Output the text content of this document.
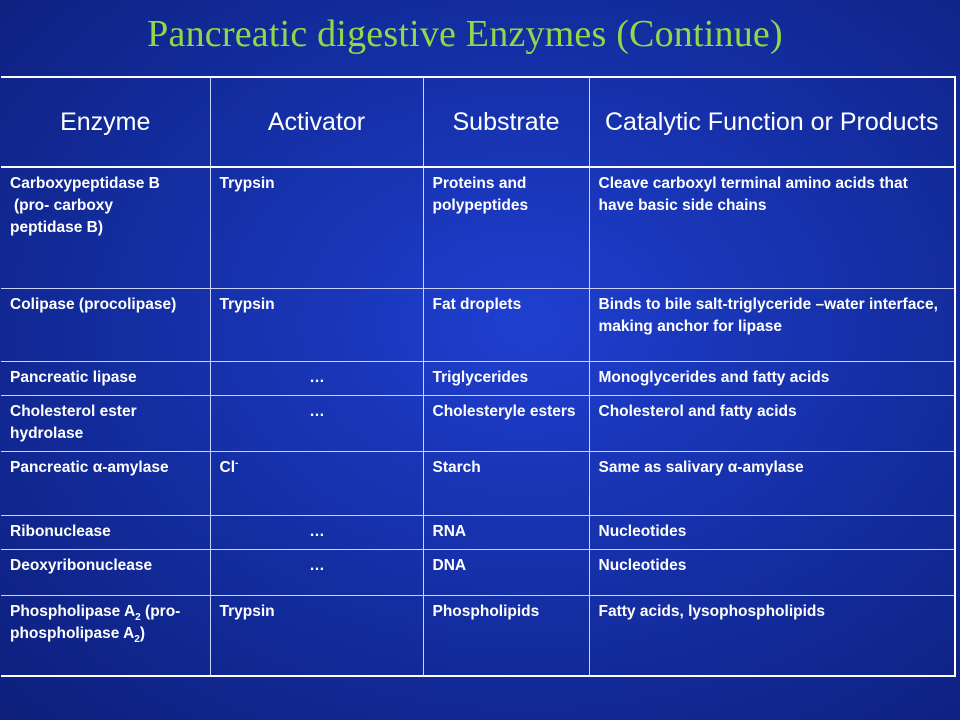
Pancreatic digestive Enzymes (Continue)
Enzyme	Activator	Substrate	Catalytic Function or Products
Carboxypeptidase B
(pro- carboxy
peptidase B)	Trypsin	Proteins and polypeptides	Cleave carboxyl terminal amino acids that have basic side chains
Colipase (procolipase)	Trypsin	Fat droplets	Binds to bile salt-triglyceride –water interface, making anchor for lipase
Pancreatic lipase	…	Triglycerides	Monoglycerides and fatty acids
Cholesterol ester hydrolase	…	Cholesteryle esters	Cholesterol and fatty acids
Pancreatic α-amylase	Cl-	Starch	Same as salivary α-amylase
Ribonuclease	…	RNA	Nucleotides
Deoxyribonuclease	…	DNA	Nucleotides
Phospholipase $A_2$ (pro- phospholipase $A_2$)	Trypsin	Phospholipids	Fatty acids, lysophospholipids
